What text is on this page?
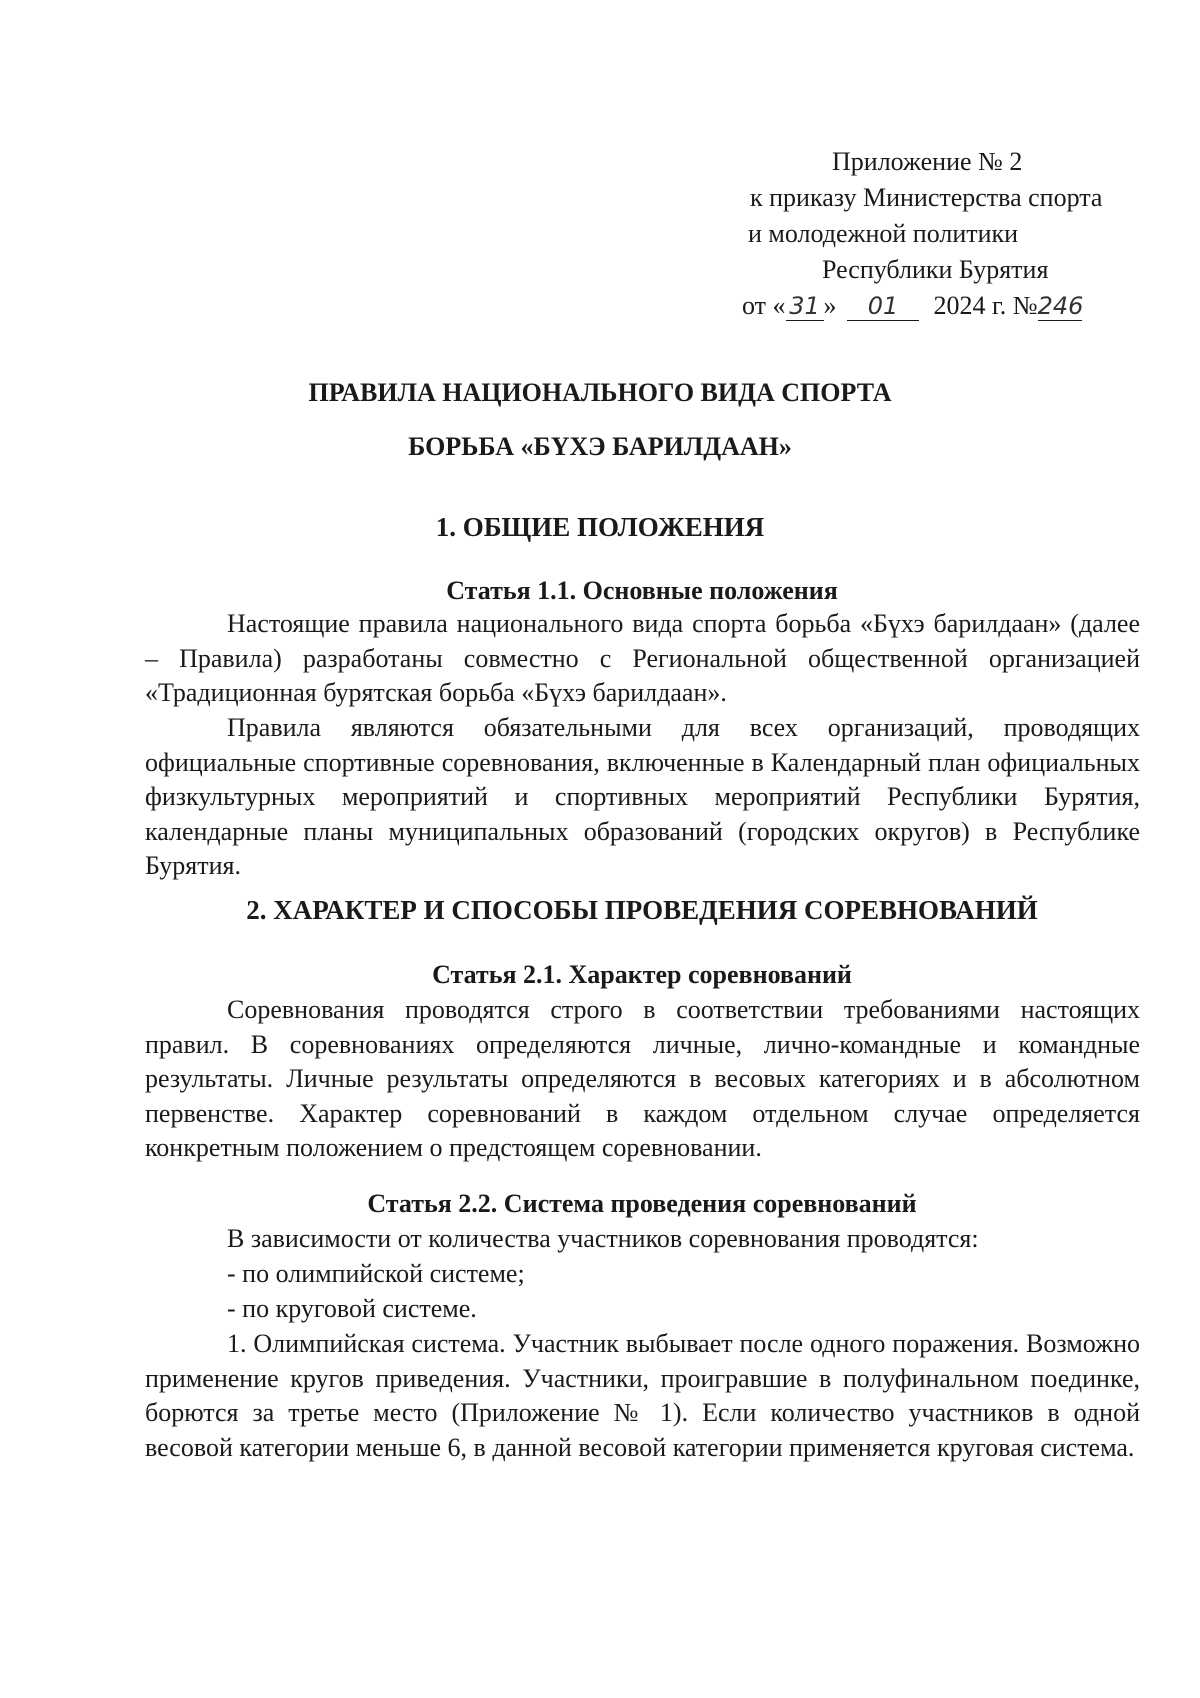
Приложение № 2
к приказу Министерства спорта
и молодежной политики
Республики Бурятия
от « 31 » 01 2024 г. №246
ПРАВИЛА НАЦИОНАЛЬНОГО ВИДА СПОРТА
БОРЬБА «БҮХЭ БАРИЛДААН»
1. ОБЩИЕ ПОЛОЖЕНИЯ
Статья 1.1. Основные положения

Настоящие правила национального вида спорта борьба «Бүхэ барилдаан» (далее – Правила) разработаны совместно с Региональной общественной организацией «Традиционная бурятская борьба «Бүхэ барилдаан».

Правила являются обязательными для всех организаций, проводящих официальные спортивные соревнования, включенные в Календарный план официальных физкультурных мероприятий и спортивных мероприятий Республики Бурятия, календарные планы муниципальных образований (городских округов) в Республике Бурятия.

2. ХАРАКТЕР И СПОСОБЫ ПРОВЕДЕНИЯ СОРЕВНОВАНИЙ
Статья 2.1. Характер соревнований

Соревнования проводятся строго в соответствии требованиями настоящих правил. В соревнованиях определяются личные, лично-командные и командные результаты. Личные результаты определяются в весовых категориях и в абсолютном первенстве. Характер соревнований в каждом отдельном случае определяется конкретным положением о предстоящем соревновании.

Статья 2.2. Система проведения соревнований
В зависимости от количества участников соревнования проводятся:
- по олимпийской системе;
- по круговой системе.

1. Олимпийская система. Участник выбывает после одного поражения. Возможно применение кругов приведения. Участники, проигравшие в полуфинальном поединке, борются за третье место (Приложение № 1). Если количество участников в одной весовой категории меньше 6, в данной весовой категории применяется круговая система.
